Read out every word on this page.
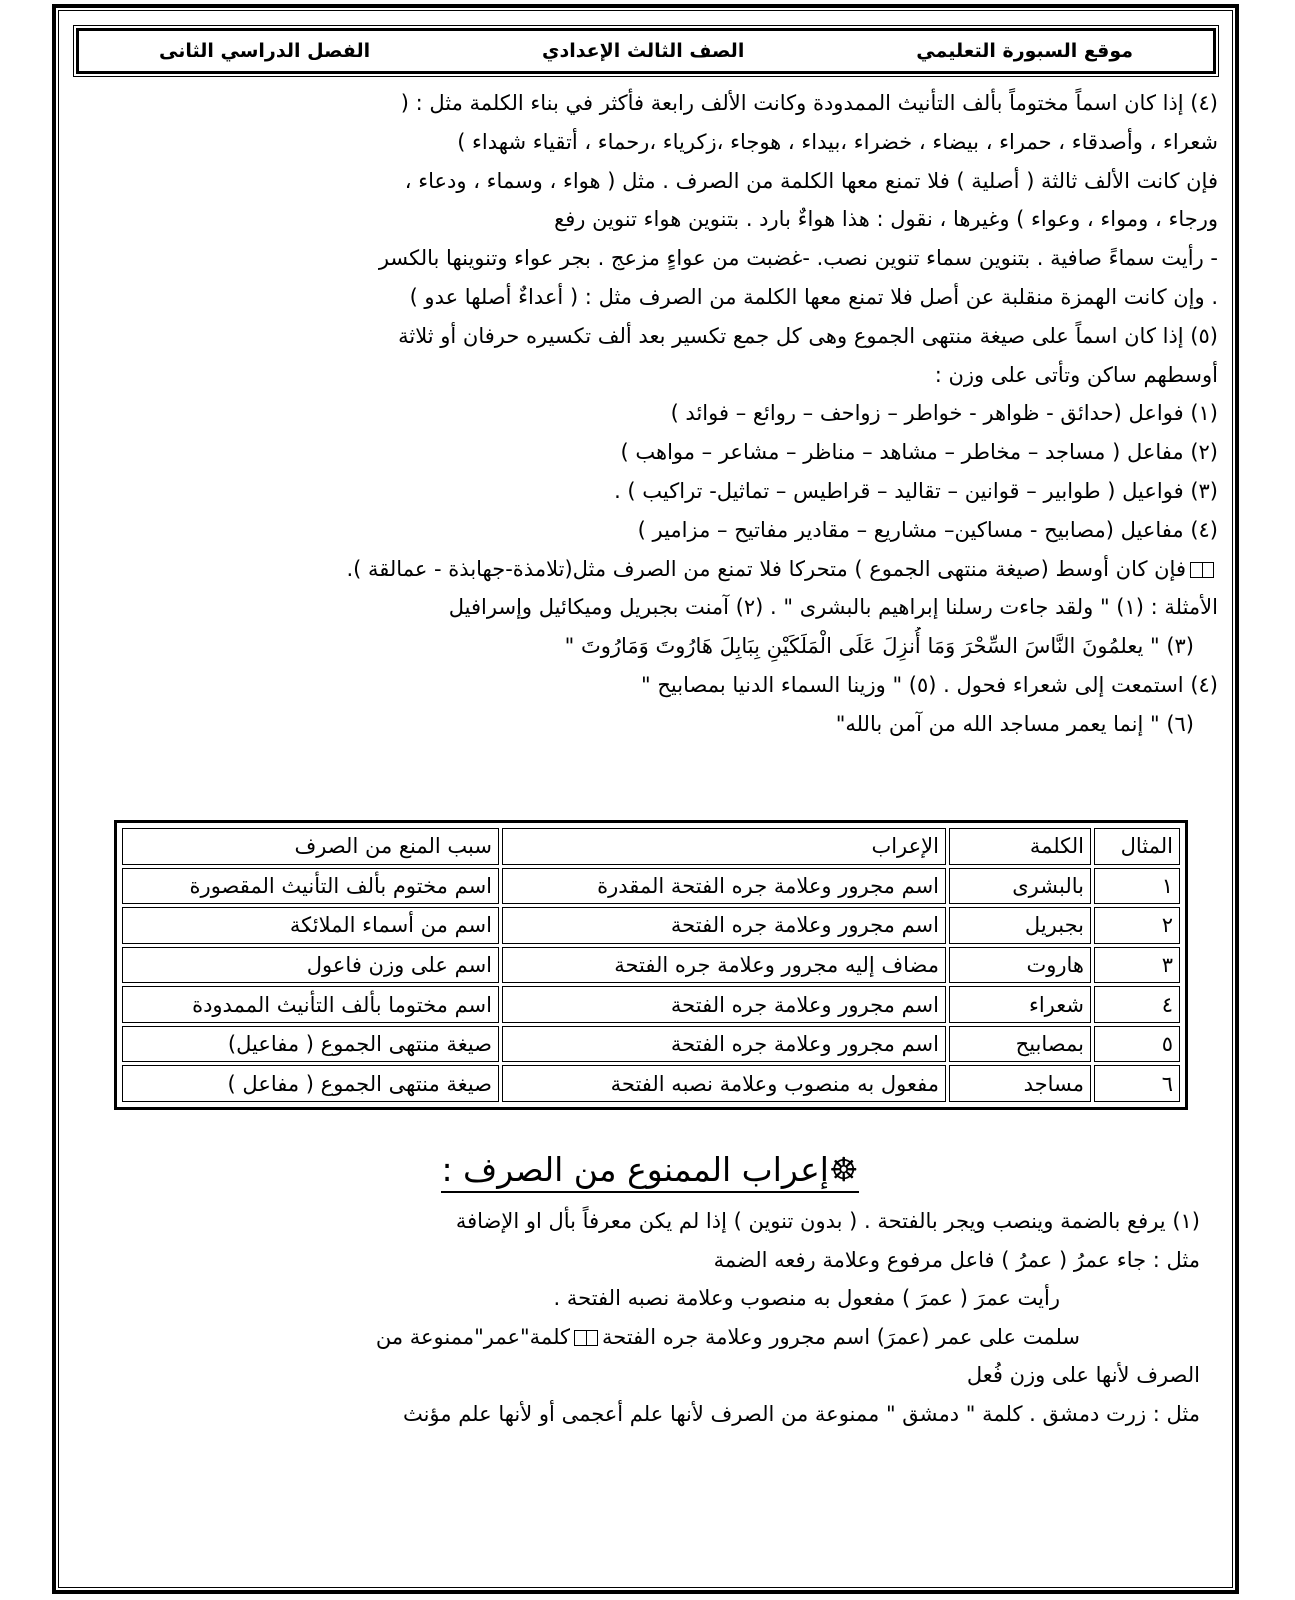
موقع السبورة التعليمي
الصف الثالث الإعدادي
الفصل الدراسي الثانى
(٤) إذا كان اسماً مختوماً بألف التأنيث الممدودة وكانت الألف رابعة فأكثر في بناء الكلمة مثل : (
شعراء ، وأصدقاء ، حمراء ، بيضاء ، خضراء ،بيداء ، هوجاء ،زكرياء ،رحماء ، أتقياء شهداء )
فإن كانت الألف ثالثة ( أصلية ) فلا تمنع معها الكلمة من الصرف . مثل ( هواء ، وسماء ، ودعاء ،
ورجاء ، ومواء ، وعواء ) وغيرها ، نقول : هذا هواءٌ بارد . بتنوين هواء تنوين رفع
- رأيت سماءً صافية . بتنوين سماء تنوين نصب. -غضبت من عواءٍ مزعج . بجر عواء وتنوينها بالكسر
. وإن كانت الهمزة منقلبة عن أصل فلا تمنع معها الكلمة من الصرف مثل : ( أعداءٌ أصلها عدو )
(٥) إذا كان اسماً على صيغة منتهى الجموع وهى كل جمع تكسير بعد ألف تكسيره حرفان أو ثلاثة
أوسطهم ساكن وتأتى على وزن :
(١) فواعل (حدائق - ظواهر - خواطر – زواحف – روائع – فوائد )
(٢) مفاعل ( مساجد – مخاطر – مشاهد – مناظر – مشاعر – مواهب )
(٣) فواعيل ( طوابير – قوانين – تقاليد – قراطيس – تماثيل- تراكيب ) .
(٤) مفاعيل (مصابيح - مساكين– مشاريع – مقادير مفاتيح – مزامير )
فإن كان أوسط (صيغة منتهى الجموع ) متحركا فلا تمنع من الصرف مثل(تلامذة-جهابذة - عمالقة ).
الأمثلة : (١) " ولقد جاءت رسلنا إبراهيم بالبشرى " . (٢) آمنت بجبريل وميكائيل وإسرافيل
(٣) " يعلمُونَ النَّاسَ السِّحْرَ وَمَا أُنزِلَ عَلَى الْمَلَكَيْنِ بِبَابِلَ هَارُوتَ وَمَارُوتَ "
(٤) استمعت إلى شعراء فحول . (٥) " وزينا السماء الدنيا بمصابيح "
(٦) " إنما يعمر مساجد الله من آمن بالله"
المثال	الكلمة	الإعراب	سبب المنع من الصرف
١	بالبشرى	اسم مجرور وعلامة جره الفتحة المقدرة	اسم مختوم بألف التأنيث المقصورة
٢	بجبريل	اسم مجرور وعلامة جره الفتحة	اسم من أسماء الملائكة
٣	هاروت	مضاف إليه مجرور وعلامة جره الفتحة	اسم على وزن فاعول
٤	شعراء	اسم مجرور وعلامة جره الفتحة	اسم مختوما بألف التأنيث الممدودة
٥	بمصابيح	اسم مجرور وعلامة جره الفتحة	صيغة منتهى الجموع ( مفاعيل)
٦	مساجد	مفعول به منصوب وعلامة نصبه الفتحة	صيغة منتهى الجموع ( مفاعل )
☸إعراب الممنوع من الصرف :
(١) يرفع بالضمة وينصب ويجر بالفتحة . ( بدون تنوين ) إذا لم يكن معرفاً بأل او الإضافة
مثل : جاء عمرُ ( عمرُ ) فاعل مرفوع وعلامة رفعه الضمة
رأيت عمرَ ( عمرَ ) مفعول به منصوب وعلامة نصبه الفتحة .
سلمت على عمر (عمرَ) اسم مجرور وعلامة جره الفتحةكلمة"عمر"ممنوعة من
الصرف لأنها على وزن فُعل
مثل : زرت دمشق . كلمة " دمشق " ممنوعة من الصرف لأنها علم أعجمى أو لأنها علم مؤنث
